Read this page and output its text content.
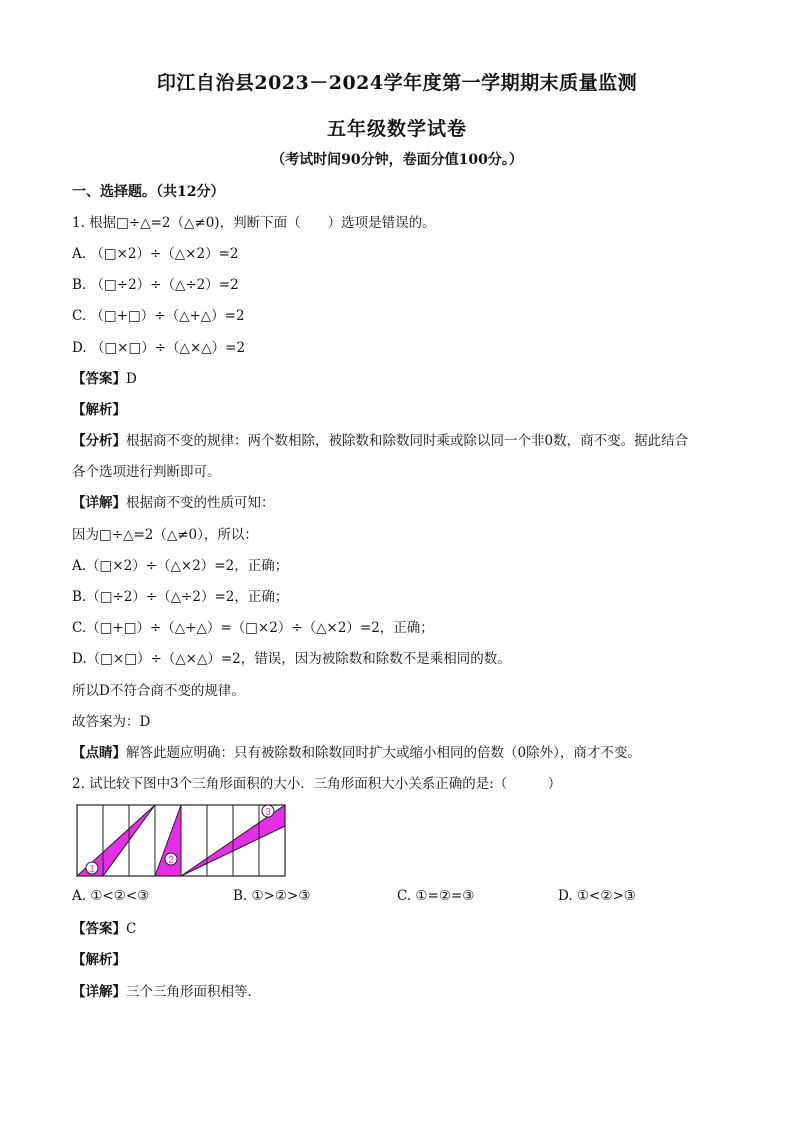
印江自治县2023－2024学年度第一学期期末质量监测
五年级数学试卷
（考试时间90分钟，卷面分值100分。）
一、选择题。（共12分）
1. 根据□÷△=2（△≠0)，判断下面（　　）选项是错误的。
A. （□×2）÷（△×2）=2
B. （□÷2）÷（△÷2）=2
C. （□+□）÷（△+△）=2
D. （□×□）÷（△×△）=2
【答案】D
【解析】
【分析】根据商不变的规律：两个数相除，被除数和除数同时乘或除以同一个非0数，商不变。据此结合
各个选项进行判断即可。
【详解】根据商不变的性质可知：
因为□÷△=2（△≠0），所以：
A.（□×2）÷（△×2）=2，正确；
B.（□÷2）÷（△÷2）=2，正确；
C.（□+□）÷（△+△）=（□×2）÷（△×2）=2，正确；
D.（□×□）÷（△×△）=2，错误，因为被除数和除数不是乘相同的数。
所以D不符合商不变的规律。
故答案为：D
【点睛】解答此题应明确：只有被除数和除数同时扩大或缩小相同的倍数（0除外），商才不变。
2. 试比较下图中3个三角形面积的大小．三角形面积大小关系正确的是:（　　　）
1
2
3
A. ①<②<③	B. ①>②>③	C. ①=②=③	D. ①<②>③
【答案】C
【解析】
【详解】三个三角形面积相等．
